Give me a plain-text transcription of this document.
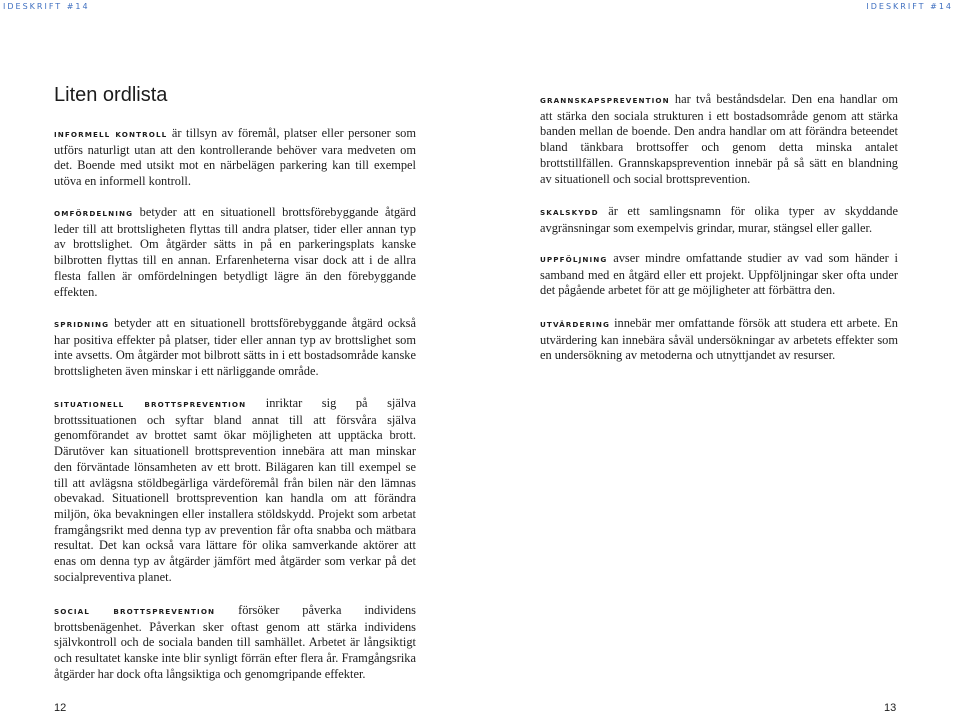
IDESKRIFT #14	IDESKRIFT #14
Liten ordlista

INFORMELL KONTROLL är tillsyn av föremål, platser eller personer som utförs naturligt utan att den kontrollerande behöver vara medveten om det. Boende med utsikt mot en närbelägen parkering kan till exempel utöva en informell kontroll.

OMFÖRDELNING betyder att en situationell brottsförebyggande åtgärd leder till att brottsligheten flyttas till andra platser, tider eller annan typ av brottslighet. Om åtgärder sätts in på en parkeringsplats kanske bilbrotten flyttas till en annan. Erfarenheterna visar dock att i de allra flesta fallen är omfördelningen betydligt lägre än den förebyggande effekten.

SPRIDNING betyder att en situationell brottsförebyggande åtgärd också har positiva effekter på platser, tider eller annan typ av brottslighet som inte avsetts. Om åtgärder mot bilbrott sätts in i ett bostadsområde kanske brottsligheten även minskar i ett närliggande område.

SITUATIONELL BROTTSPREVENTION inriktar sig på själva brottssituationen och syftar bland annat till att försvåra själva genomförandet av brottet samt ökar möjligheten att upptäcka brott. Därutöver kan situationell brottsprevention innebära att man minskar den förväntade lönsamheten av ett brott. Bilägaren kan till exempel se till att avlägsna stöldbegärliga värdeföremål från bilen när den lämnas obevakad. Situationell brottsprevention kan handla om att förändra miljön, öka bevakningen eller installera stöldskydd. Projekt som arbetat framgångsrikt med denna typ av prevention får ofta snabba och mätbara resultat. Det kan också vara lättare för olika samverkande aktörer att enas om denna typ av åtgärder jämfört med åtgärder som verkar på det socialpreventiva planet.

SOCIAL BROTTSPREVENTION försöker påverka individens brottsbenägenhet. Påverkan sker oftast genom att stärka individens självkontroll och de sociala banden till samhället. Arbetet är långsiktigt och resultatet kanske inte blir synligt förrän efter flera år. Framgångsrika åtgärder har dock ofta långsiktiga och genomgripande effekter.

GRANNSKAPSPREVENTION har två beståndsdelar. Den ena handlar om att stärka den sociala strukturen i ett bostadsområde genom att stärka banden mellan de boende. Den andra handlar om att förändra beteendet bland tänkbara brottsoffer och genom detta minska antalet brottstillfällen. Grannskapsprevention innebär på så sätt en blandning av situationell och social brottsprevention.

SKALSKYDD är ett samlingsnamn för olika typer av skyddande avgränsningar som exempelvis grindar, murar, stängsel eller galler.

UPPFÖLJNING avser mindre omfattande studier av vad som händer i samband med en åtgärd eller ett projekt. Uppföljningar sker ofta under det pågående arbetet för att ge möjligheter att förbättra den.

UTVÄRDERING innebär mer omfattande försök att studera ett arbete. En utvärdering kan innebära såväl undersökningar av arbetets effekter som en undersökning av metoderna och utnyttjandet av resurser.

12	13
